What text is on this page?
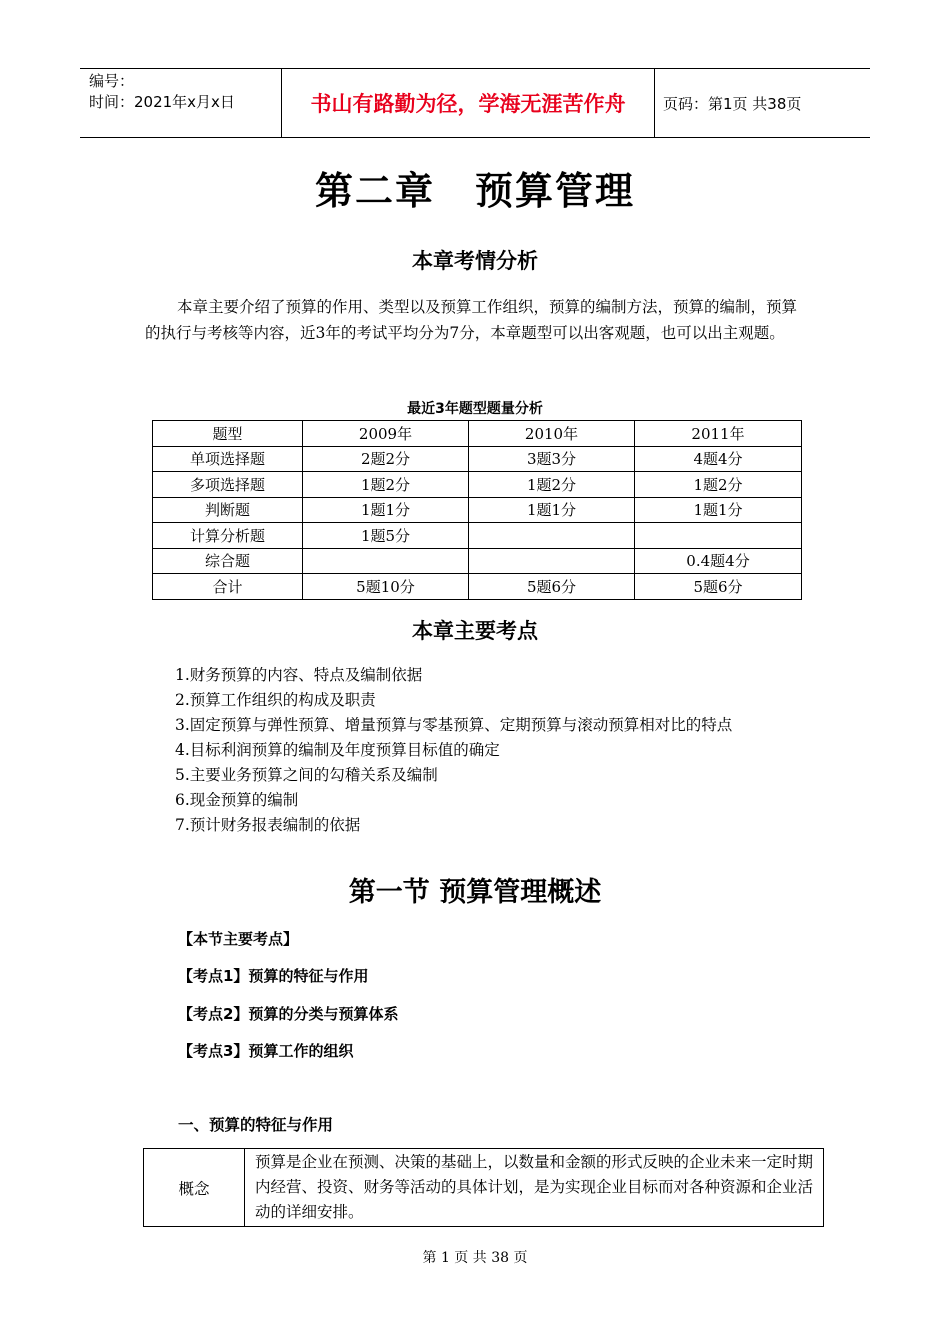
编号：
时间：2021年x月x日	书山有路勤为径，学海无涯苦作舟	页码：第1页 共38页
第二章　预算管理
本章考情分析
本章主要介绍了预算的作用、类型以及预算工作组织，预算的编制方法，预算的编制，预算的执行与考核等内容，近3年的考试平均分为7分，本章题型可以出客观题，也可以出主观题。
最近3年题型题量分析
题型	2009年	2010年	2011年
单项选择题	2题2分	3题3分	4题4分
多项选择题	1题2分	1题2分	1题2分
判断题	1题1分	1题1分	1题1分
计算分析题	1题5分		
综合题			0.4题4分
合计	5题10分	5题6分	5题6分
本章主要考点
1.财务预算的内容、特点及编制依据
2.预算工作组织的构成及职责
3.固定预算与弹性预算、增量预算与零基预算、定期预算与滚动预算相对比的特点
4.目标利润预算的编制及年度预算目标值的确定
5.主要业务预算之间的勾稽关系及编制
6.现金预算的编制
7.预计财务报表编制的依据
第一节 预算管理概述
【本节主要考点】
【考点1】预算的特征与作用
【考点2】预算的分类与预算体系
【考点3】预算工作的组织
一、预算的特征与作用
概念	预算是企业在预测、决策的基础上，以数量和金额的形式反映的企业未来一定时期内经营、投资、财务等活动的具体计划，是为实现企业目标而对各种资源和企业活动的详细安排。
第 1 页 共 38 页
